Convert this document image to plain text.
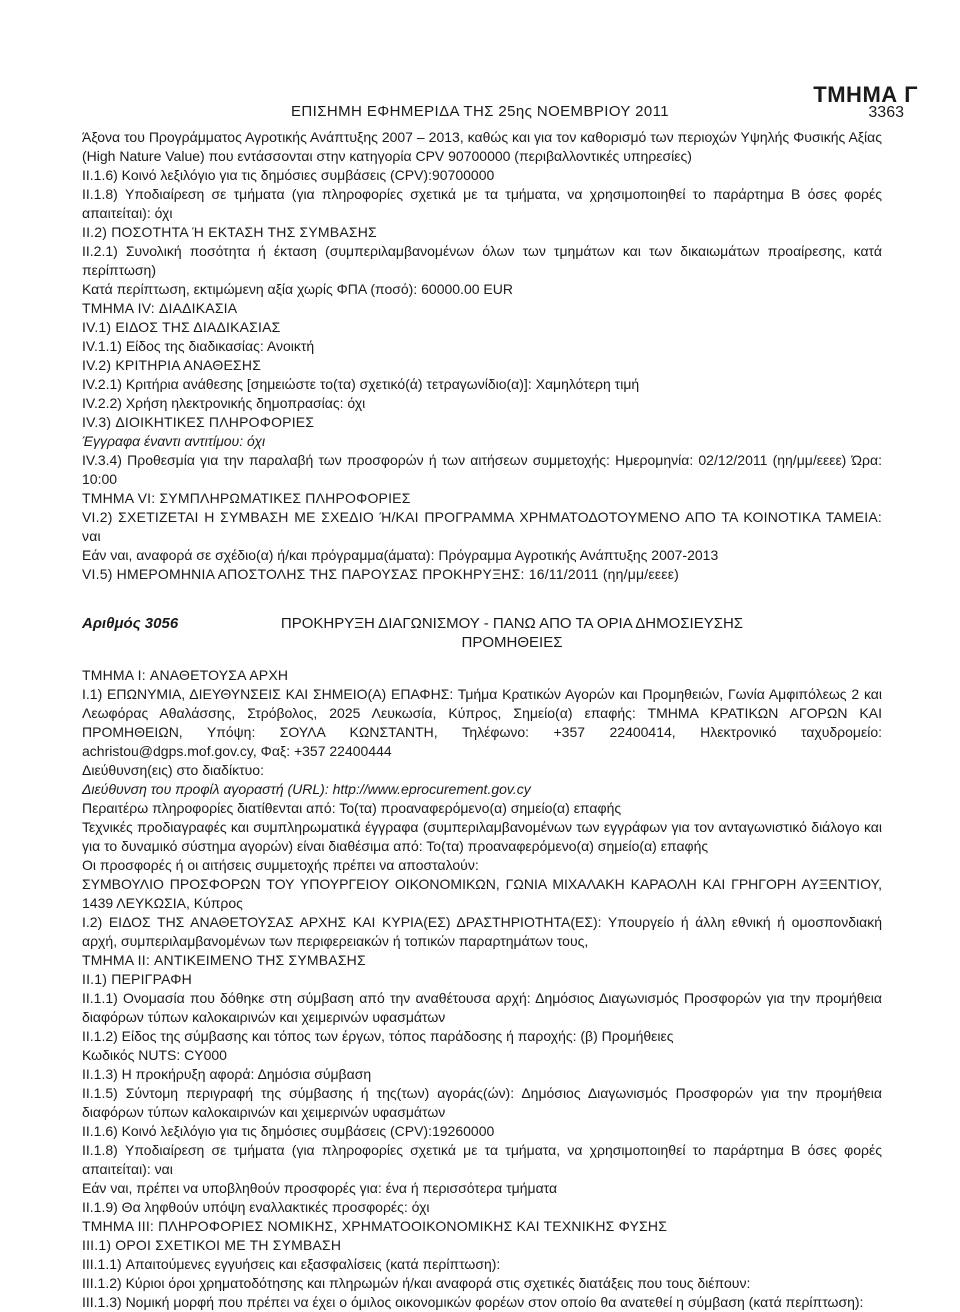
ΤΜΗΜΑ Γ
ΕΠΙΣΗΜΗ ΕΦΗΜΕΡΙΔΑ ΤΗΣ 25ης ΝΟΕΜΒΡΙΟΥ 2011	3363

Άξονα του Προγράμματος Αγροτικής Ανάπτυξης 2007 – 2013, καθώς και για τον καθορισμό των περιοχών Υψηλής Φυσικής Αξίας (High Nature Value) που εντάσσονται στην κατηγορία CPV 90700000 (περιβαλλοντικές υπηρεσίες)

II.1.6) Κοινό λεξιλόγιο για τις δημόσιες συμβάσεις (CPV):90700000

II.1.8) Υποδιαίρεση σε τμήματα (για πληροφορίες σχετικά με τα τμήματα, να χρησιμοποιηθεί το παράρτημα Β όσες φορές απαιτείται): όχι

II.2) ΠΟΣΟΤΗΤΑ Ή ΕΚΤΑΣΗ ΤΗΣ ΣΥΜΒΑΣΗΣ

II.2.1) Συνολική ποσότητα ή έκταση (συμπεριλαμβανομένων όλων των τμημάτων και των δικαιωμάτων προαίρεσης, κατά περίπτωση)

Κατά περίπτωση, εκτιμώμενη αξία χωρίς ΦΠΑ (ποσό): 60000.00 EUR

ΤΜΗΜΑ IV: ΔΙΑΔΙΚΑΣΙΑ

IV.1) ΕΙΔΟΣ ΤΗΣ ΔΙΑΔΙΚΑΣΙΑΣ

IV.1.1) Είδος της διαδικασίας: Ανοικτή

IV.2) ΚΡΙΤΗΡΙΑ ΑΝΑΘΕΣΗΣ

IV.2.1) Κριτήρια ανάθεσης [σημειώστε το(τα) σχετικό(ά) τετραγωνίδιο(α)]: Χαμηλότερη τιμή

IV.2.2) Χρήση ηλεκτρονικής δημοπρασίας: όχι

IV.3) ΔΙΟΙΚΗΤΙΚΕΣ ΠΛΗΡΟΦΟΡΙΕΣ

Έγγραφα έναντι αντιτίμου: όχι

IV.3.4) Προθεσμία για την παραλαβή των προσφορών ή των αιτήσεων συμμετοχής: Ημερομηνία: 02/12/2011 (ηη/μμ/εεεε) Ώρα: 10:00

ΤΜΗΜΑ VI: ΣΥΜΠΛΗΡΩΜΑΤΙΚΕΣ ΠΛΗΡΟΦΟΡΙΕΣ

VI.2) ΣΧΕΤΙΖΕΤΑΙ Η ΣΥΜΒΑΣΗ ΜΕ ΣΧΕΔΙΟ Ή/ΚΑΙ ΠΡΟΓΡΑΜΜΑ ΧΡΗΜΑΤΟΔΟΤΟΥΜΕΝΟ ΑΠΟ ΤΑ ΚΟΙΝΟΤΙΚΑ ΤΑΜΕΙΑ: ναι

Εάν ναι, αναφορά σε σχέδιο(α) ή/και πρόγραμμα(άματα): Πρόγραμμα Αγροτικής Ανάπτυξης 2007-2013

VI.5) ΗΜΕΡΟΜΗΝΙΑ ΑΠΟΣΤΟΛΗΣ ΤΗΣ ΠΑΡΟΥΣΑΣ ΠΡΟΚΗΡΥΞΗΣ: 16/11/2011 (ηη/μμ/εεεε)

Αριθμός 3056	ΠΡΟΚΗΡΥΞΗ ΔΙΑΓΩΝΙΣΜΟΥ - ΠΑΝΩ ΑΠΟ ΤΑ ΟΡΙΑ ΔΗΜΟΣΙΕΥΣΗΣ ΠΡΟΜΗΘΕΙΕΣ

ΤΜΗΜΑ I: ΑΝΑΘΕΤΟΥΣΑ ΑΡΧΗ

I.1) ΕΠΩΝΥΜΙΑ, ΔΙΕΥΘΥΝΣΕΙΣ ΚΑΙ ΣΗΜΕΙΟ(Α) ΕΠΑΦΗΣ: Τμήμα Κρατικών Αγορών και Προμηθειών, Γωνία Αμφιπόλεως 2 και Λεωφόρας Αθαλάσσης, Στρόβολος, 2025 Λευκωσία, Κύπρος, Σημείο(α) επαφής: ΤΜΗΜΑ ΚΡΑΤΙΚΩΝ ΑΓΟΡΩΝ ΚΑΙ ΠΡΟΜΗΘΕΙΩΝ, Υπόψη: ΣΟΥΛΑ ΚΩΝΣΤΑΝΤΗ, Τηλέφωνο: +357 22400414, Ηλεκτρονικό ταχυδρομείο: achristou@dgps.mof.gov.cy, Φαξ: +357 22400444

Διεύθυνση(εις) στο διαδίκτυο:

Διεύθυνση του προφίλ αγοραστή (URL): http://www.eprocurement.gov.cy

Περαιτέρω πληροφορίες διατίθενται από: Το(τα) προαναφερόμενο(α) σημείο(α) επαφής

Τεχνικές προδιαγραφές και συμπληρωματικά έγγραφα (συμπεριλαμβανομένων των εγγράφων για τον ανταγωνιστικό διάλογο και για το δυναμικό σύστημα αγορών) είναι διαθέσιμα από: Το(τα) προαναφερόμενο(α) σημείο(α) επαφής

Οι προσφορές ή οι αιτήσεις συμμετοχής πρέπει να αποσταλούν:

ΣΥΜΒΟΥΛΙΟ ΠΡΟΣΦΟΡΩΝ ΤΟΥ ΥΠΟΥΡΓΕΙΟΥ ΟΙΚΟΝΟΜΙΚΩΝ, ΓΩΝΙΑ ΜΙΧΑΛΑΚΗ ΚΑΡΑΟΛΗ ΚΑΙ ΓΡΗΓΟΡΗ ΑΥΞΕΝΤΙΟΥ, 1439 ΛΕΥΚΩΣΙΑ, Κύπρος

I.2) ΕΙΔΟΣ ΤΗΣ ΑΝΑΘΕΤΟΥΣΑΣ ΑΡΧΗΣ ΚΑΙ ΚΥΡΙΑ(ΕΣ) ΔΡΑΣΤΗΡΙΟΤΗΤΑ(ΕΣ): Υπουργείο ή άλλη εθνική ή ομοσπονδιακή αρχή, συμπεριλαμβανομένων των περιφερειακών ή τοπικών παραρτημάτων τους,

ΤΜΗΜΑ II: ΑΝΤΙΚΕΙΜΕΝΟ ΤΗΣ ΣΥΜΒΑΣΗΣ

II.1) ΠΕΡΙΓΡΑΦΗ

II.1.1) Ονομασία που δόθηκε στη σύμβαση από την αναθέτουσα αρχή: Δημόσιος Διαγωνισμός Προσφορών για την προμήθεια διαφόρων τύπων καλοκαιρινών και χειμερινών υφασμάτων

II.1.2) Είδος της σύμβασης και τόπος των έργων, τόπος παράδοσης ή παροχής: (β) Προμήθειες

Κωδικός NUTS: CY000

II.1.3) Η προκήρυξη αφορά: Δημόσια σύμβαση

II.1.5) Σύντομη περιγραφή της σύμβασης ή της(των) αγοράς(ών): Δημόσιος Διαγωνισμός Προσφορών για την προμήθεια διαφόρων τύπων καλοκαιρινών και χειμερινών υφασμάτων

II.1.6) Κοινό λεξιλόγιο για τις δημόσιες συμβάσεις (CPV):19260000

II.1.8) Υποδιαίρεση σε τμήματα (για πληροφορίες σχετικά με τα τμήματα, να χρησιμοποιηθεί το παράρτημα Β όσες φορές απαιτείται): ναι

Εάν ναι, πρέπει να υποβληθούν προσφορές για: ένα ή περισσότερα τμήματα

II.1.9) Θα ληφθούν υπόψη εναλλακτικές προσφορές: όχι

ΤΜΗΜΑ III: ΠΛΗΡΟΦΟΡΙΕΣ ΝΟΜΙΚΗΣ, ΧΡΗΜΑΤΟΟΙΚΟΝΟΜΙΚΗΣ ΚΑΙ ΤΕΧΝΙΚΗΣ ΦΥΣΗΣ

III.1) ΟΡΟΙ ΣΧΕΤΙΚΟΙ ΜΕ ΤΗ ΣΥΜΒΑΣΗ

III.1.1) Απαιτούμενες εγγυήσεις και εξασφαλίσεις (κατά περίπτωση):

III.1.2) Κύριοι όροι χρηματοδότησης και πληρωμών ή/και αναφορά στις σχετικές διατάξεις που τους διέπουν:

III.1.3) Νομική μορφή που πρέπει να έχει ο όμιλος οικονομικών φορέων στον οποίο θα ανατεθεί η σύμβαση (κατά περίπτωση):
